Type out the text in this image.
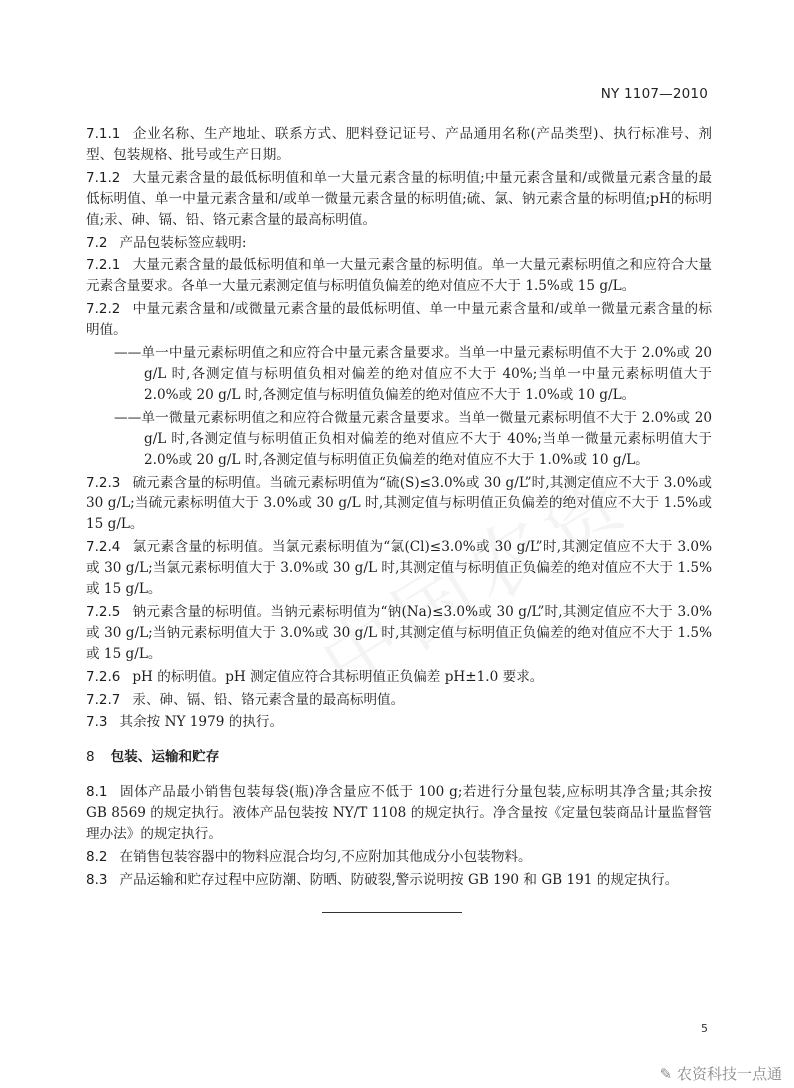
NY 1107—2010

7.1.1 企业名称、生产地址、联系方式、肥料登记证号、产品通用名称(产品类型)、执行标准号、剂型、包装规格、批号或生产日期。

7.1.2 大量元素含量的最低标明值和单一大量元素含量的标明值;中量元素含量和/或微量元素含量的最低标明值、单一中量元素含量和/或单一微量元素含量的标明值;硫、氯、钠元素含量的标明值;pH的标明值;汞、砷、镉、铅、铬元素含量的最高标明值。

7.2 产品包装标签应载明:

7.2.1 大量元素含量的最低标明值和单一大量元素含量的标明值。单一大量元素标明值之和应符合大量元素含量要求。各单一大量元素测定值与标明值负偏差的绝对值应不大于 1.5%或 15 g/L。

7.2.2 中量元素含量和/或微量元素含量的最低标明值、单一中量元素含量和/或单一微量元素含量的标明值。

——单一中量元素标明值之和应符合中量元素含量要求。当单一中量元素标明值不大于 2.0%或 20 g/L 时,各测定值与标明值负相对偏差的绝对值应不大于 40%;当单一中量元素标明值大于 2.0%或 20 g/L 时,各测定值与标明值负偏差的绝对值应不大于 1.0%或 10 g/L。

——单一微量元素标明值之和应符合微量元素含量要求。当单一微量元素标明值不大于 2.0%或 20 g/L 时,各测定值与标明值正负相对偏差的绝对值应不大于 40%;当单一微量元素标明值大于 2.0%或 20 g/L 时,各测定值与标明值正负偏差的绝对值应不大于 1.0%或 10 g/L。

7.2.3 硫元素含量的标明值。当硫元素标明值为“硫(S)≤3.0%或 30 g/L”时,其测定值应不大于 3.0%或 30 g/L;当硫元素标明值大于 3.0%或 30 g/L 时,其测定值与标明值正负偏差的绝对值应不大于 1.5%或 15 g/L。

7.2.4 氯元素含量的标明值。当氯元素标明值为“氯(Cl)≤3.0%或 30 g/L”时,其测定值应不大于 3.0%或 30 g/L;当氯元素标明值大于 3.0%或 30 g/L 时,其测定值与标明值正负偏差的绝对值应不大于 1.5%或 15 g/L。

7.2.5 钠元素含量的标明值。当钠元素标明值为“钠(Na)≤3.0%或 30 g/L”时,其测定值应不大于 3.0%或 30 g/L;当钠元素标明值大于 3.0%或 30 g/L 时,其测定值与标明值正负偏差的绝对值应不大于 1.5%或 15 g/L。

7.2.6 pH 的标明值。pH 测定值应符合其标明值正负偏差 pH±1.0 要求。

7.2.7 汞、砷、镉、铅、铬元素含量的最高标明值。

7.3 其余按 NY 1979 的执行。

8 包装、运输和贮存

8.1 固体产品最小销售包装每袋(瓶)净含量应不低于 100 g;若进行分量包装,应标明其净含量;其余按 GB 8569 的规定执行。液体产品包装按 NY/T 1108 的规定执行。净含量按《定量包装商品计量监督管理办法》的规定执行。

8.2 在销售包装容器中的物料应混合均匀,不应附加其他成分小包装物料。

8.3 产品运输和贮存过程中应防潮、防晒、防破裂,警示说明按 GB 190 和 GB 191 的规定执行。

5
✎ 农资科技一点通
